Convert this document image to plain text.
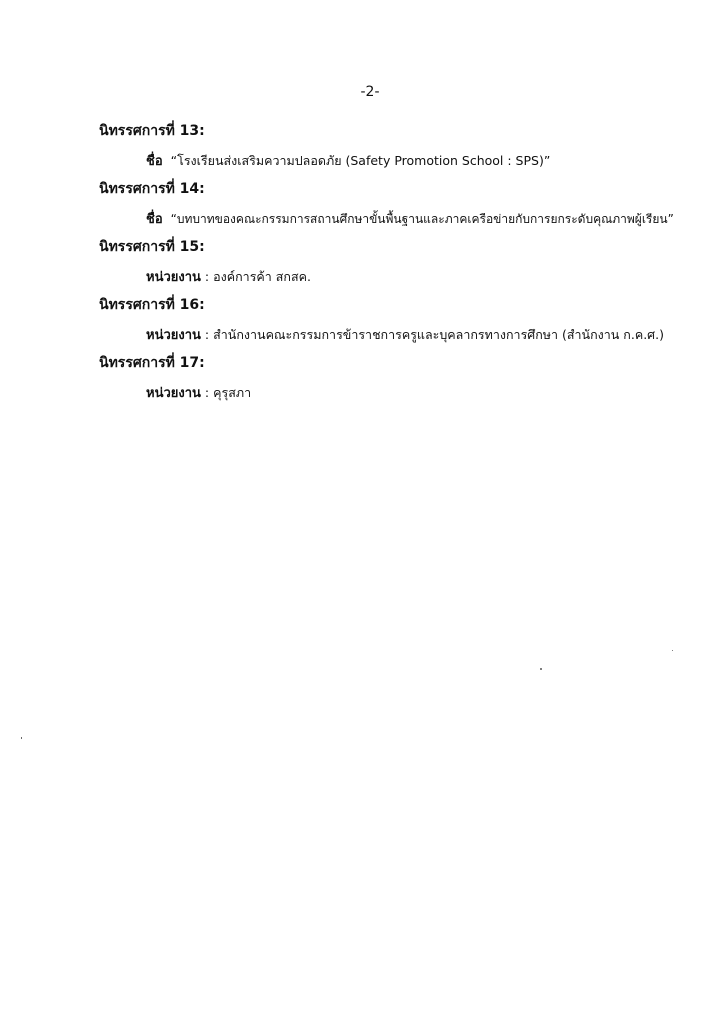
-2-
นิทรรศการที่ 13:
ชื่อ “โรงเรียนส่งเสริมความปลอดภัย (Safety Promotion School : SPS)”
นิทรรศการที่ 14:
ชื่อ “บทบาทของคณะกรรมการสถานศึกษาขั้นพื้นฐานและภาคเครือข่ายกับการยกระดับคุณภาพผู้เรียน”
นิทรรศการที่ 15:
หน่วยงาน : องค์การค้า สกสค.
นิทรรศการที่ 16:
หน่วยงาน : สำนักงานคณะกรรมการข้าราชการครูและบุคลากรทางการศึกษา (สำนักงาน ก.ค.ศ.)
นิทรรศการที่ 17:
หน่วยงาน : คุรุสภา
